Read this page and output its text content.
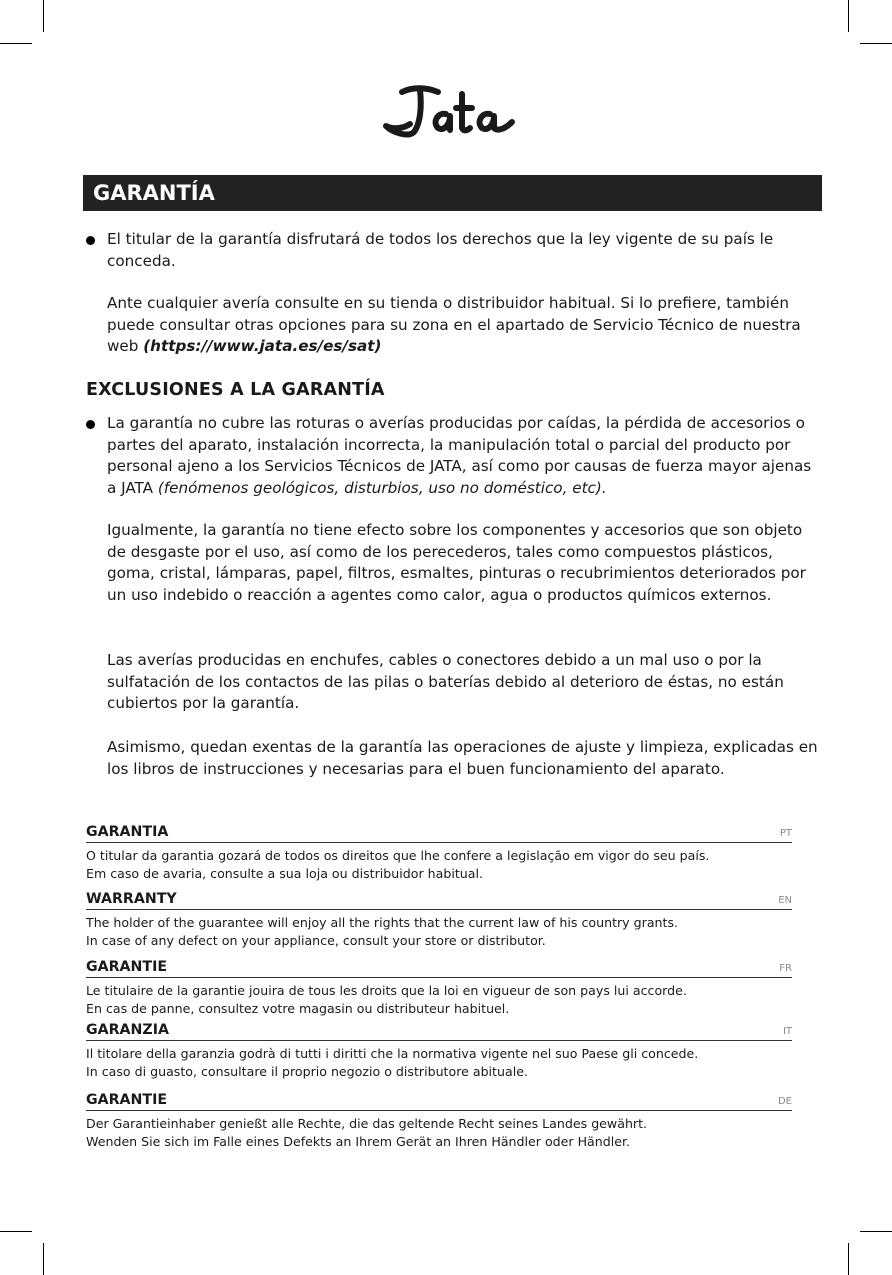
GARANTÍA

El titular de la garantía disfrutará de todos los derechos que la ley vigente de su país le conceda.

Ante cualquier avería consulte en su tienda o distribuidor habitual. Si lo prefiere, también puede consultar otras opciones para su zona en el apartado de Servicio Técnico de nuestra web (https://www.jata.es/es/sat)

EXCLUSIONES A LA GARANTÍA

La garantía no cubre las roturas o averías producidas por caídas, la pérdida de accesorios o partes del aparato, instalación incorrecta, la manipulación total o parcial del producto por personal ajeno a los Servicios Técnicos de JATA, así como por causas de fuerza mayor ajenas a JATA (fenómenos geológicos, disturbios, uso no doméstico, etc).

Igualmente, la garantía no tiene efecto sobre los componentes y accesorios que son objeto de desgaste por el uso, así como de los perecederos, tales como compuestos plásticos, goma, cristal, lámparas, papel, filtros, esmaltes, pinturas o recubrimientos deteriorados por un uso indebido o reacción a agentes como calor, agua o productos químicos externos.

Las averías producidas en enchufes, cables o conectores debido a un mal uso o por la sulfatación de los contactos de las pilas o baterías debido al deterioro de éstas, no están cubiertos por la garantía.

Asimismo, quedan exentas de la garantía las operaciones de ajuste y limpieza, explicadas en los libros de instrucciones y necesarias para el buen funcionamiento del aparato.

GARANTIA	PT
O titular da garantia gozará de todos os direitos que lhe confere a legislação em vigor do seu país.
Em caso de avaria, consulte a sua loja ou distribuidor habitual.
WARRANTY	EN
The holder of the guarantee will enjoy all the rights that the current law of his country grants.
In case of any defect on your appliance, consult your store or distributor.
GARANTIE	FR
Le titulaire de la garantie jouira de tous les droits que la loi en vigueur de son pays lui accorde.
En cas de panne, consultez votre magasin ou distributeur habituel.
GARANZIA	IT
Il titolare della garanzia godrà di tutti i diritti che la normativa vigente nel suo Paese gli concede.
In caso di guasto, consultare il proprio negozio o distributore abituale.
GARANTIE	DE
Der Garantieinhaber genießt alle Rechte, die das geltende Recht seines Landes gewährt.
Wenden Sie sich im Falle eines Defekts an Ihrem Gerät an Ihren Händler oder Händler.
